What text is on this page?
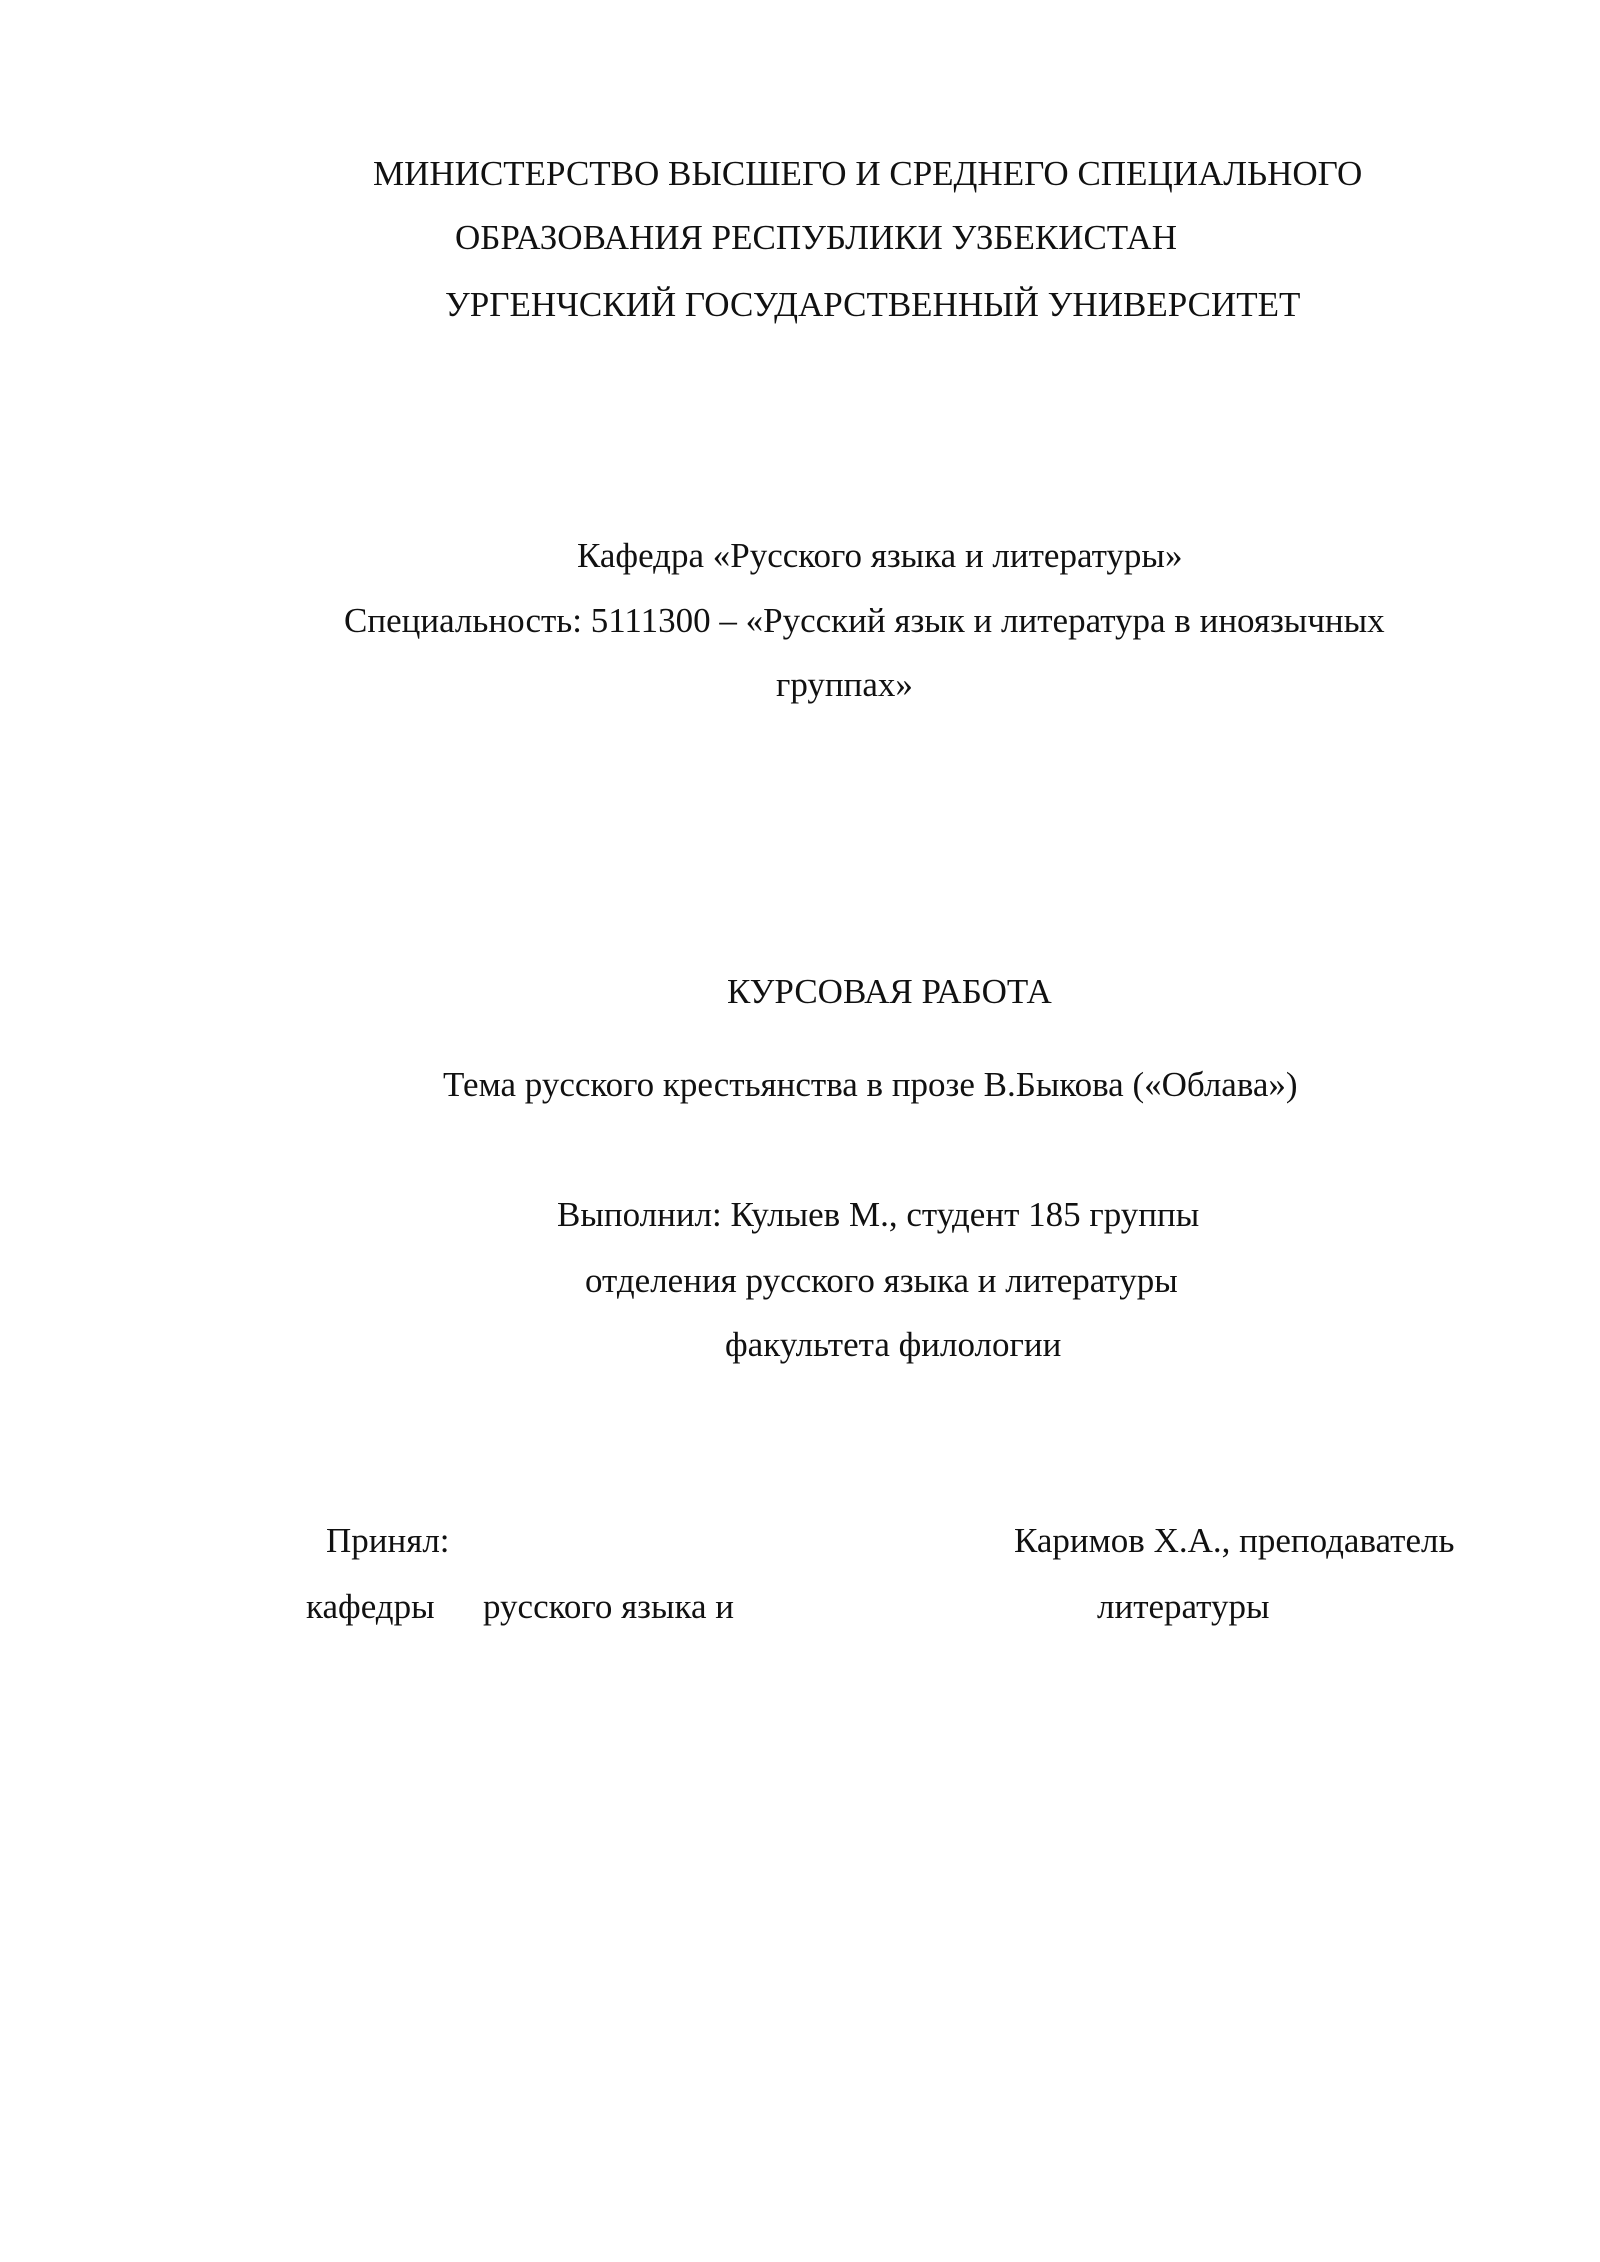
МИНИСТЕРСТВО ВЫСШЕГО И СРЕДНЕГО СПЕЦИАЛЬНОГО

ОБРАЗОВАНИЯ РЕСПУБЛИКИ УЗБЕКИСТАН

УРГЕНЧСКИЙ ГОСУДАРСТВЕННЫЙ УНИВЕРСИТЕТ

Кафедра «Русского языка и литературы»

Специальность: 5111300 – «Русский язык и литература в иноязычных

группах»

КУРСОВАЯ РАБОТА

Тема русского крестьянства в прозе В.Быкова («Облава»)

Выполнил: Кулыев М., студент 185 группы

отделения русского языка и литературы

факультета филологии

Принял:	Каримов Х.А., преподаватель

кафедры русского языка и	литературы
